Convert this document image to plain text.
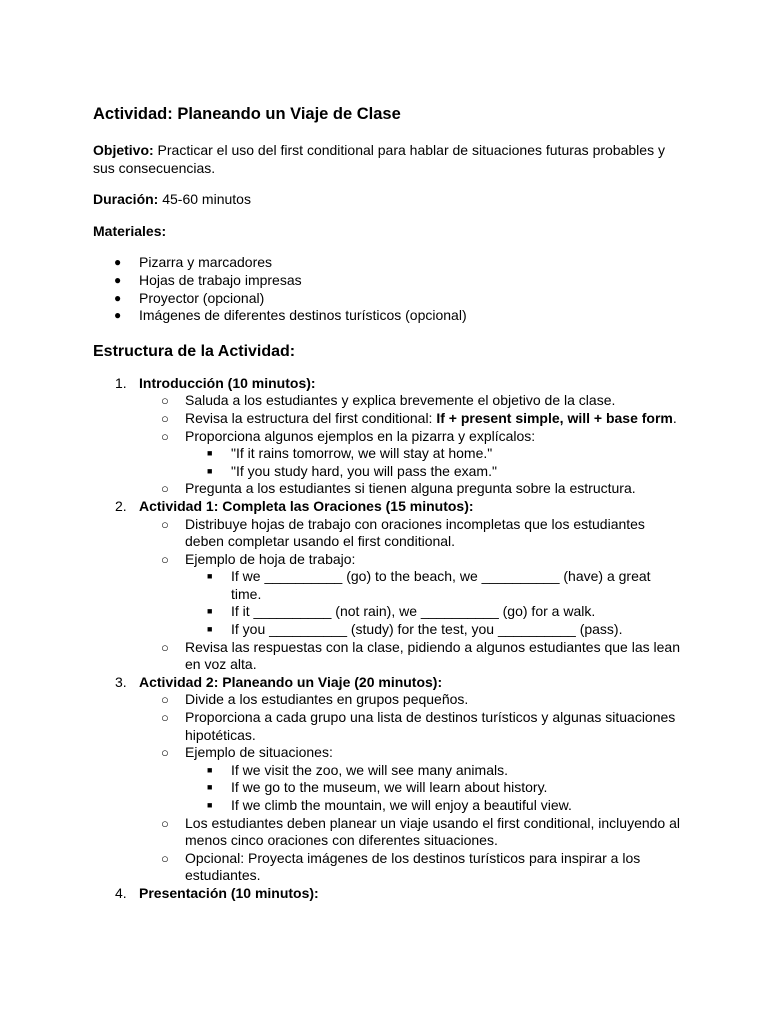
Actividad: Planeando un Viaje de Clase

Objetivo: Practicar el uso del first conditional para hablar de situaciones futuras probables y sus consecuencias.

Duración: 45-60 minutos

Materiales:

● Pizarra y marcadores
● Hojas de trabajo impresas
● Proyector (opcional)
● Imágenes de diferentes destinos turísticos (opcional)
Estructura de la Actividad:
1. Introducción (10 minutos):
○ Saluda a los estudiantes y explica brevemente el objetivo de la clase.
○ Revisa la estructura del first conditional: If + present simple, will + base form.
○ Proporciona algunos ejemplos en la pizarra y explícalos:
■ "If it rains tomorrow, we will stay at home."
■ "If you study hard, you will pass the exam."
○ Pregunta a los estudiantes si tienen alguna pregunta sobre la estructura.
2. Actividad 1: Completa las Oraciones (15 minutos):
○ Distribuye hojas de trabajo con oraciones incompletas que los estudiantes deben completar usando el first conditional.
○ Ejemplo de hoja de trabajo:
■ If we __________ (go) to the beach, we __________ (have) a great time.
■ If it __________ (not rain), we __________ (go) for a walk.
■ If you __________ (study) for the test, you __________ (pass).
○ Revisa las respuestas con la clase, pidiendo a algunos estudiantes que las lean en voz alta.
3. Actividad 2: Planeando un Viaje (20 minutos):
○ Divide a los estudiantes en grupos pequeños.
○ Proporciona a cada grupo una lista de destinos turísticos y algunas situaciones hipotéticas.
○ Ejemplo de situaciones:
■ If we visit the zoo, we will see many animals.
■ If we go to the museum, we will learn about history.
■ If we climb the mountain, we will enjoy a beautiful view.
○ Los estudiantes deben planear un viaje usando el first conditional, incluyendo al menos cinco oraciones con diferentes situaciones.
○ Opcional: Proyecta imágenes de los destinos turísticos para inspirar a los estudiantes.
4. Presentación (10 minutos):
